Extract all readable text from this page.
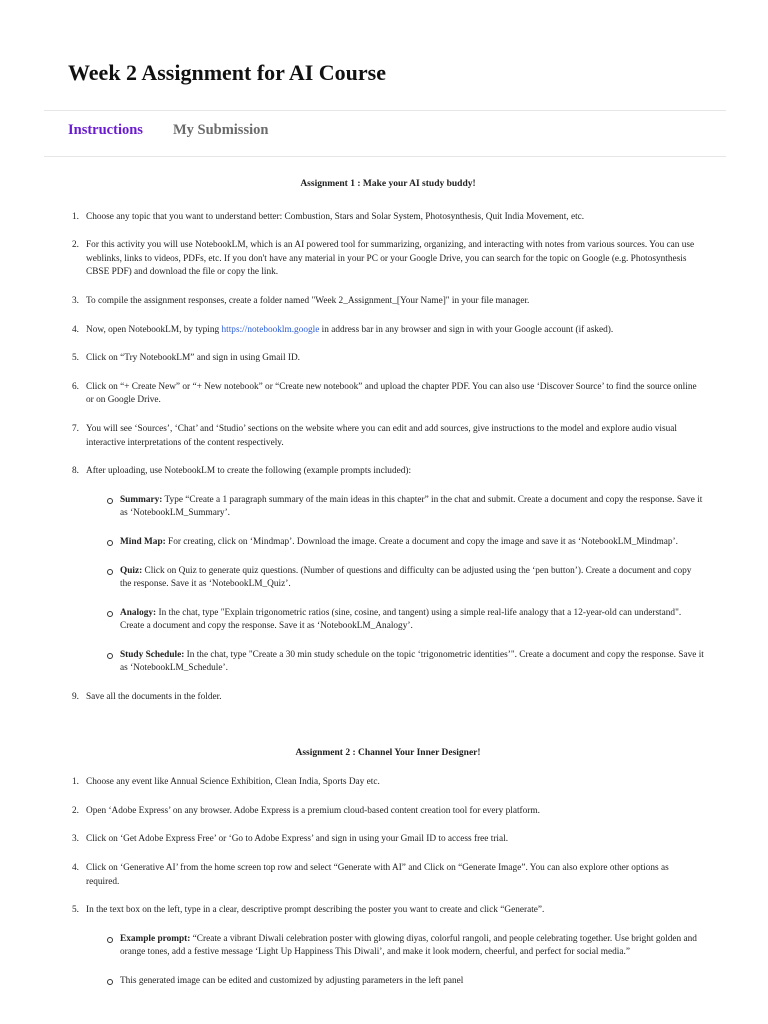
Week 2 Assignment for AI Course
Instructions My Submission

Assignment 1 : Make your AI study buddy!

1. Choose any topic that you want to understand better: Combustion, Stars and Solar System, Photosynthesis, Quit India Movement, etc.
2. For this activity you will use NotebookLM, which is an AI powered tool for summarizing, organizing, and interacting with notes from various sources. You can use weblinks, links to videos, PDFs, etc. If you don't have any material in your PC or your Google Drive, you can search for the topic on Google (e.g. Photosynthesis CBSE PDF) and download the file or copy the link.
3. To compile the assignment responses, create a folder named "Week 2_Assignment_[Your Name]" in your file manager.
4. Now, open NotebookLM, by typing https://notebooklm.google in address bar in any browser and sign in with your Google account (if asked).
5. Click on “Try NotebookLM” and sign in using Gmail ID.
6. Click on “+ Create New” or “+ New notebook” or “Create new notebook” and upload the chapter PDF. You can also use ‘Discover Source’ to find the source online or on Google Drive.
7. You will see ‘Sources’, ‘Chat’ and ‘Studio’ sections on the website where you can edit and add sources, give instructions to the model and explore audio visual interactive interpretations of the content respectively.
8. After uploading, use NotebookLM to create the following (example prompts included):
Summary: Type “Create a 1 paragraph summary of the main ideas in this chapter” in the chat and submit. Create a document and copy the response. Save it as ‘NotebookLM_Summary’.
Mind Map: For creating, click on ‘Mindmap’. Download the image. Create a document and copy the image and save it as ‘NotebookLM_Mindmap’.
Quiz: Click on Quiz to generate quiz questions. (Number of questions and difficulty can be adjusted using the ‘pen button’). Create a document and copy the response. Save it as ‘NotebookLM_Quiz’.
Analogy: In the chat, type "Explain trigonometric ratios (sine, cosine, and tangent) using a simple real-life analogy that a 12-year-old can understand". Create a document and copy the response. Save it as ‘NotebookLM_Analogy’.
Study Schedule: In the chat, type "Create a 30 min study schedule on the topic ‘trigonometric identities’". Create a document and copy the response. Save it as ‘NotebookLM_Schedule’.
9. Save all the documents in the folder.

Assignment 2 : Channel Your Inner Designer!

1. Choose any event like Annual Science Exhibition, Clean India, Sports Day etc.
2. Open ‘Adobe Express’ on any browser. Adobe Express is a premium cloud-based content creation tool for every platform.
3. Click on ‘Get Adobe Express Free’ or ‘Go to Adobe Express’ and sign in using your Gmail ID to access free trial.
4. Click on ‘Generative AI’ from the home screen top row and select “Generate with AI” and Click on “Generate Image”. You can also explore other options as required.
5. In the text box on the left, type in a clear, descriptive prompt describing the poster you want to create and click “Generate”.
Example prompt: “Create a vibrant Diwali celebration poster with glowing diyas, colorful rangoli, and people celebrating together. Use bright golden and orange tones, add a festive message ‘Light Up Happiness This Diwali’, and make it look modern, cheerful, and perfect for social media.”
This generated image can be edited and customized by adjusting parameters in the left panel
